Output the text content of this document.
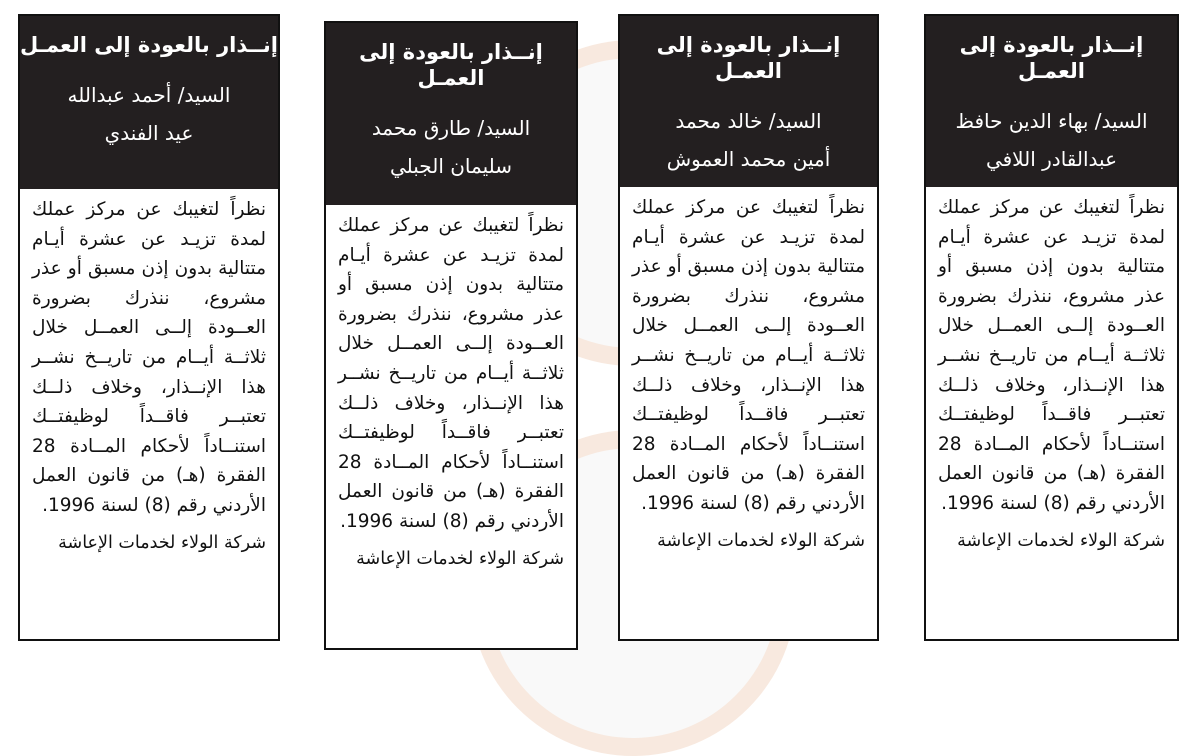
إنــذار بالعودة إلى العمـل
السيد/ أحمد عبدالله
عيد الفندي
نظراً لتغيبك عن مركز عملك لمدة تزيـد عن عشرة أيـام متتالية بدون إذن مسبق أو عذر مشروع، ننذرك بضرورة العــودة إلــى العمــل خلال ثلاثــة أيــام من تاريــخ نشــر هذا الإنــذار، وخلاف ذلــك تعتبــر فاقــداً لوظيفتــك استنــاداً لأحكام المــادة 28 الفقرة (هـ) من قانون العمل الأردني رقم (8) لسنة 1996.
شركة الولاء لخدمات الإعاشة
إنــذار بالعودة إلى العمـل
السيد/ طارق محمد
سليمان الجبلي
نظراً لتغيبك عن مركز عملك لمدة تزيـد عن عشرة أيـام متتالية بدون إذن مسبق أو عذر مشروع، ننذرك بضرورة العــودة إلــى العمــل خلال ثلاثــة أيــام من تاريــخ نشــر هذا الإنــذار، وخلاف ذلــك تعتبــر فاقــداً لوظيفتــك استنــاداً لأحكام المــادة 28 الفقرة (هـ) من قانون العمل الأردني رقم (8) لسنة 1996.
شركة الولاء لخدمات الإعاشة
إنــذار بالعودة إلى العمـل
السيد/ خالد محمد
أمين محمد العموش
نظراً لتغيبك عن مركز عملك لمدة تزيـد عن عشرة أيـام متتالية بدون إذن مسبق أو عذر مشروع، ننذرك بضرورة العــودة إلــى العمــل خلال ثلاثــة أيــام من تاريــخ نشــر هذا الإنــذار، وخلاف ذلــك تعتبــر فاقــداً لوظيفتــك استنــاداً لأحكام المــادة 28 الفقرة (هـ) من قانون العمل الأردني رقم (8) لسنة 1996.
شركة الولاء لخدمات الإعاشة
إنــذار بالعودة إلى العمـل
السيد/ بهاء الدين حافظ
عبدالقادر اللافي
نظراً لتغيبك عن مركز عملك لمدة تزيـد عن عشرة أيـام متتالية بدون إذن مسبق أو عذر مشروع، ننذرك بضرورة العــودة إلــى العمــل خلال ثلاثــة أيــام من تاريــخ نشــر هذا الإنــذار، وخلاف ذلــك تعتبــر فاقــداً لوظيفتــك استنــاداً لأحكام المــادة 28 الفقرة (هـ) من قانون العمل الأردني رقم (8) لسنة 1996.
شركة الولاء لخدمات الإعاشة
